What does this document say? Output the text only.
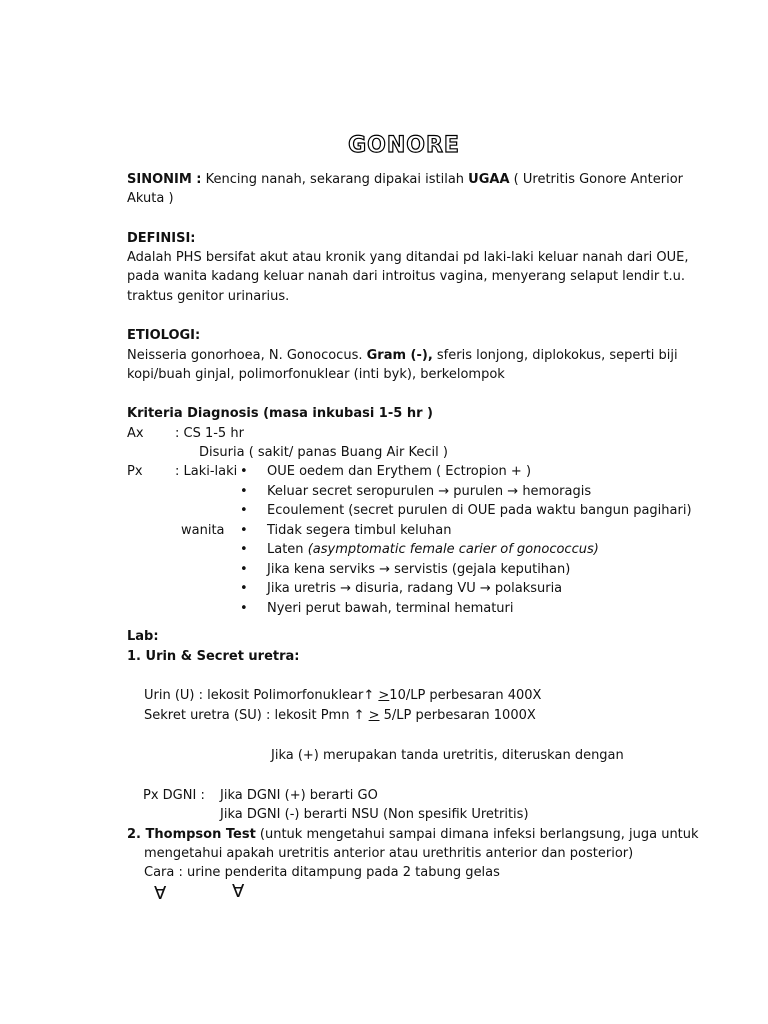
GONORE
SINONIM : Kencing nanah, sekarang dipakai istilah UGAA ( Uretritis Gonore Anterior
Akuta )
DEFINISI:
Adalah PHS bersifat akut atau kronik yang ditandai pd laki-laki keluar nanah dari OUE,
pada wanita kadang keluar nanah dari introitus vagina, menyerang selaput lendir t.u.
traktus genitor urinarius.
ETIOLOGI:
Neisseria gonorhoea, N. Gonococus. Gram (-), sferis lonjong, diplokokus, seperti biji
kopi/buah ginjal, polimorfonuklear (inti byk), berkelompok
Kriteria Diagnosis (masa inkubasi 1-5 hr )
Ax : CS 1-5 hr
Disuria ( sakit/ panas Buang Air Kecil )
Px : Laki-laki • OUE oedem dan Erythem ( Ectropion + )
• Keluar secret seropurulen → purulen → hemoragis
• Ecoulement (secret purulen di OUE pada waktu bangun pagihari)
wanita • Tidak segera timbul keluhan
• Laten (asymptomatic female carier of gonococcus)
• Jika kena serviks → servistis (gejala keputihan)
• Jika uretris → disuria, radang VU → polaksuria
• Nyeri perut bawah, terminal hematuri
Lab:
1. Urin & Secret uretra:
Urin (U) : lekosit Polimorfonuklear↑ ≥10/LP perbesaran 400X
Sekret uretra (SU) : lekosit Pmn ↑ ≥ 5/LP perbesaran 1000X
Jika (+) merupakan tanda uretritis, diteruskan dengan
Px DGNI : Jika DGNI (+) berarti GO
Jika DGNI (-) berarti NSU (Non spesifik Uretritis)
2. Thompson Test (untuk mengetahui sampai dimana infeksi berlangsung, juga untuk
mengetahui apakah uretritis anterior atau urethritis anterior dan posterior)
Cara : urine penderita ditampung pada 2 tabung gelas
Ɐ	Ɐ
